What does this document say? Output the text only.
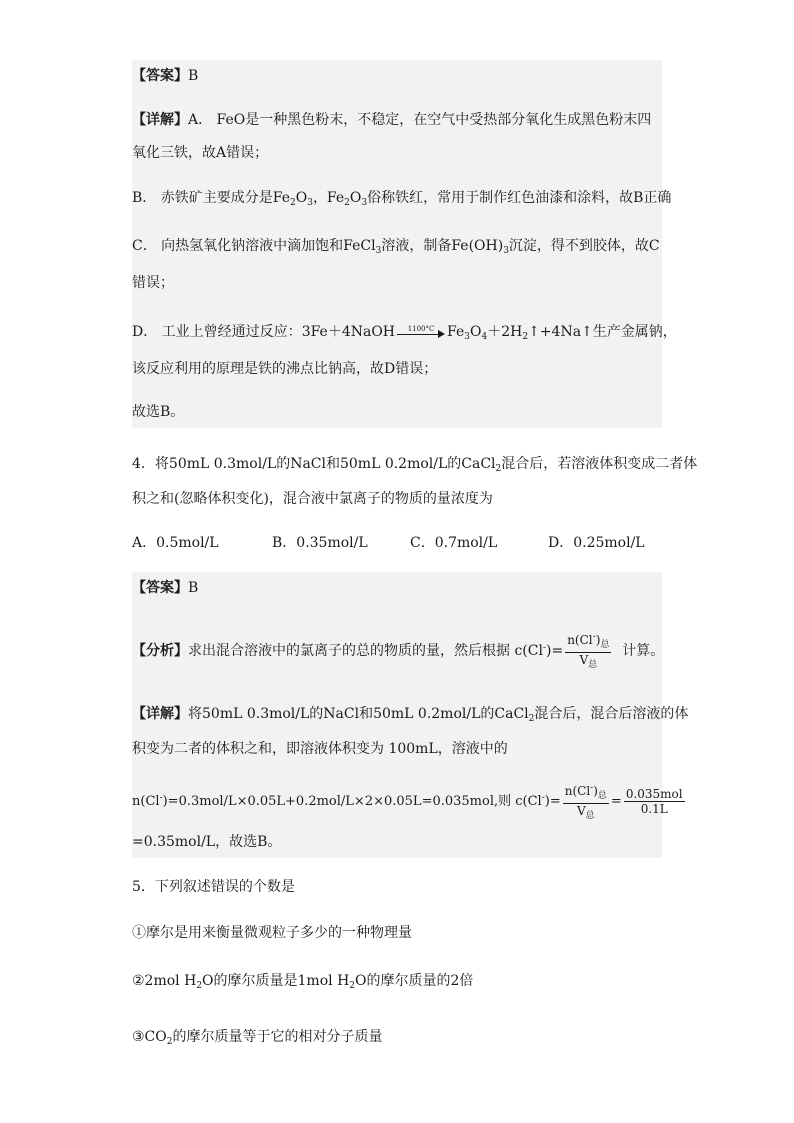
【答案】B
【详解】A． FeO是一种黑色粉末，不稳定，在空气中受热部分氧化生成黑色粉末四
氧化三铁，故A错误；
B． 赤铁矿主要成分是$Fe_2O_3$，$Fe_2O_3$俗称铁红，常用于制作红色油漆和涂料，故B正确
C． 向热氢氧化钠溶液中滴加饱和FeCl$_3$溶液，制备$Fe(OH)_3$沉淀，得不到胶体，故C
错误；
D． 工业上曾经通过反应：3Fe＋4NaOH	1100°C $Fe_3O_4+2H_2↑+4Na↑$生产金属钠，
该反应利用的原理是铁的沸点比钠高，故D错误；
故选B。
4．将50mL 0.3mol/L的NaCl和50mL 0.2mol/L的CaCl$_2$混合后，若溶液体积变成二者体
积之和(忽略体积变化)，混合液中氯离子的物质的量浓度为
A．0.5mol/L	B．0.35mol/L	C．0.7mol/L	D．0.25mol/L
【答案】B
【分析】求出混合溶液中的氯离子的总的物质的量，然后根据 $c(Cl^-)= \frac{n(Cl^-)_总}{V_总}$ 计算。
【详解】将50mL 0.3mol/L的NaCl和50mL 0.2mol/L的CaCl$_2$混合后，混合后溶液的体
积变为二者的体积之和，即溶液体积变为 100mL，溶液中的
n(Cl-)=0.3mol/L×0.05L+0.2mol/L×2×0.05L=0.035mol,则 $c(Cl^-)= \frac{n(Cl^-)_总}{V_总} = \frac{\text{0.035mol}}{0.1L}$
=0.35mol/L，故选B。
5．下列叙述错误的个数是
①摩尔是用来衡量微观粒子多少的一种物理量
②2mol $H_2O$的摩尔质量是1mol $H_2O$的摩尔质量的2倍
$③CO_2$的摩尔质量等于它的相对分子质量
